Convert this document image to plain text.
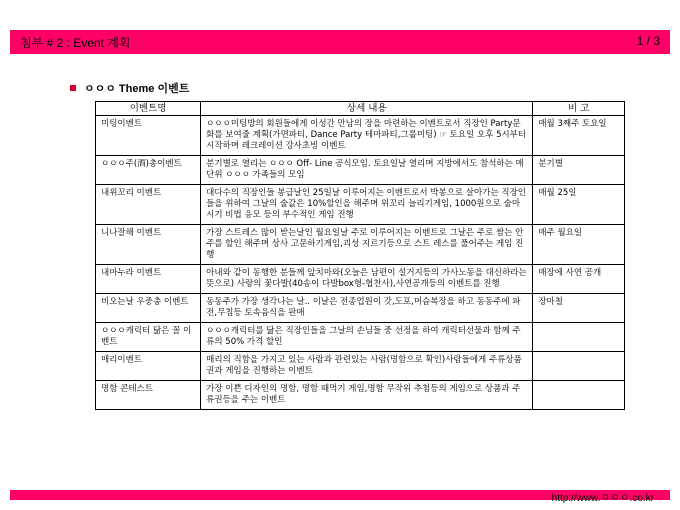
첨부 # 2 : Event 계획	1 / 3
ㅇㅇㅇ Theme 이벤트
이벤트명	상세 내용	비 고
미팅이벤트	ㅇㅇㅇ미팅방의 회원들에게 이성간 만남의 장을 마련하는 이벤트로서 직장인 Party문화를 보여줄 계획(가면파티, Dance Party 테마파티,그룹미팅) ☞ 토요일 오후 5시부터 시작하며 레크레이션 강사초빙 이벤트	매월 3째주 토요일
ㅇㅇㅇ주(酒)총이벤트	분기별로 열리는 ㅇㅇㅇ Off- Line 공식모임. 토요일날 열리며 지방에서도 참석하는 매단위 ㅇㅇㅇ 가족들의 모임	분기별
내위꼬리 이벤트	대다수의 직장인들 봉급날인 25일날 이루어지는 이벤트로서 박봉으로 살아가는 직장인들을 위하여 그날의 술값은 10%할인을 해주며 위꼬리 늘리기게임, 1000원으로 술마시기 비법 응모 등의 부수적인 게임 진행	매월 25일
니나잘해 이벤트	가장 스트레스 많이 받는날인 월요일날 주로 이루어지는 이벤트로 그날은 주로 쌈는 안주를 할인 해주며 상사 고문하기게임,괴성 지르기등으로 스트 레스를 풀어주는 게임 진행	매주 월요일
내마누라 이벤트	아내와 같이 동행한 분들께 앞치마와(오늘은 남편이 설거지등의 가사노동을 대신하라는 뜻으로) 사랑의 꽃다발(40송이 다발box형-협찬사),사연공개등의 이벤트를 진행	매장에 사연 공개
비오는날 우중충 이벤트	동동주가 가장 생각나는 날.. 이날은 전종업원이 갓,도포,머슴복장을 하고 동동주에 파전,무침등 토속음식을 판매	장마철
ㅇㅇㅇ캐릭터 닮은 꼴 이벤트	ㅇㅇㅇ캐릭터를 닮은 직장인들을 그날의 손님들 중 선정을 하여 캐릭터선물과 함께 주류의 50% 가격 할인	
매리이벤트	매리의 직함을 가지고 있는 사람과 관련있는 사람(명함으로 확인)사람들에게 주류상품권과 게임을 진행하는 이벤트	
명함 콘테스트	가장 이쁜 디자인의 명함, 명함 때먹기 게임,명함 무작위 추첨등의 게임으로 상품과 주류권등을 주는 이벤트	
http://www.ㅇㅇㅇ.co.kr
